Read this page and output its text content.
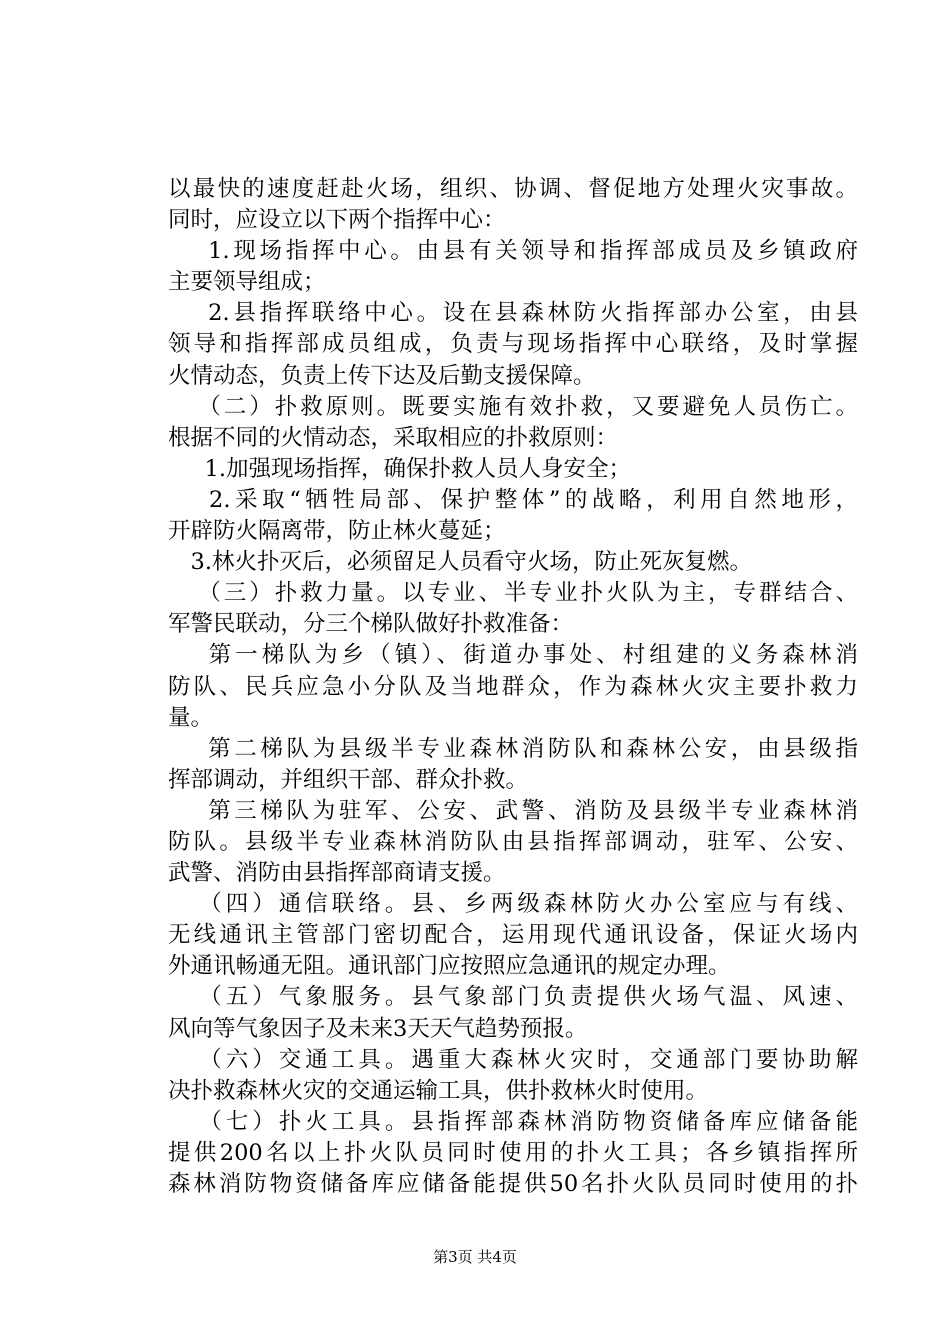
以最快的速度赶赴火场，组织、协调、督促地方处理火灾事故。
同时，应设立以下两个指挥中心：
　1.现场指挥中心。由县有关领导和指挥部成员及乡镇政府
主要领导组成；
　2.县指挥联络中心。设在县森林防火指挥部办公室，由县
领导和指挥部成员组成，负责与现场指挥中心联络，及时掌握
火情动态，负责上传下达及后勤支援保障。
　（二）扑救原则。既要实施有效扑救，又要避免人员伤亡。
根据不同的火情动态，采取相应的扑救原则：
　1.加强现场指挥，确保扑救人员人身安全；
　2.采取“牺牲局部、保护整体”的战略，利用自然地形，
开辟防火隔离带，防止林火蔓延；
　3.林火扑灭后，必须留足人员看守火场，防止死灰复燃。
　（三）扑救力量。以专业、半专业扑火队为主，专群结合、
军警民联动，分三个梯队做好扑救准备：
　第一梯队为乡（镇）、街道办事处、村组建的义务森林消
防队、民兵应急小分队及当地群众，作为森林火灾主要扑救力
量。
　第二梯队为县级半专业森林消防队和森林公安，由县级指
挥部调动，并组织干部、群众扑救。
　第三梯队为驻军、公安、武警、消防及县级半专业森林消
防队。县级半专业森林消防队由县指挥部调动，驻军、公安、
武警、消防由县指挥部商请支援。
　（四）通信联络。县、乡两级森林防火办公室应与有线、
无线通讯主管部门密切配合，运用现代通讯设备，保证火场内
外通讯畅通无阻。通讯部门应按照应急通讯的规定办理。
　（五）气象服务。县气象部门负责提供火场气温、风速、
风向等气象因子及未来3天天气趋势预报。
　（六）交通工具。遇重大森林火灾时，交通部门要协助解
决扑救森林火灾的交通运输工具，供扑救林火时使用。
　（七）扑火工具。县指挥部森林消防物资储备库应储备能
提供200名以上扑火队员同时使用的扑火工具；各乡镇指挥所
森林消防物资储备库应储备能提供50名扑火队员同时使用的扑
第3页 共4页
